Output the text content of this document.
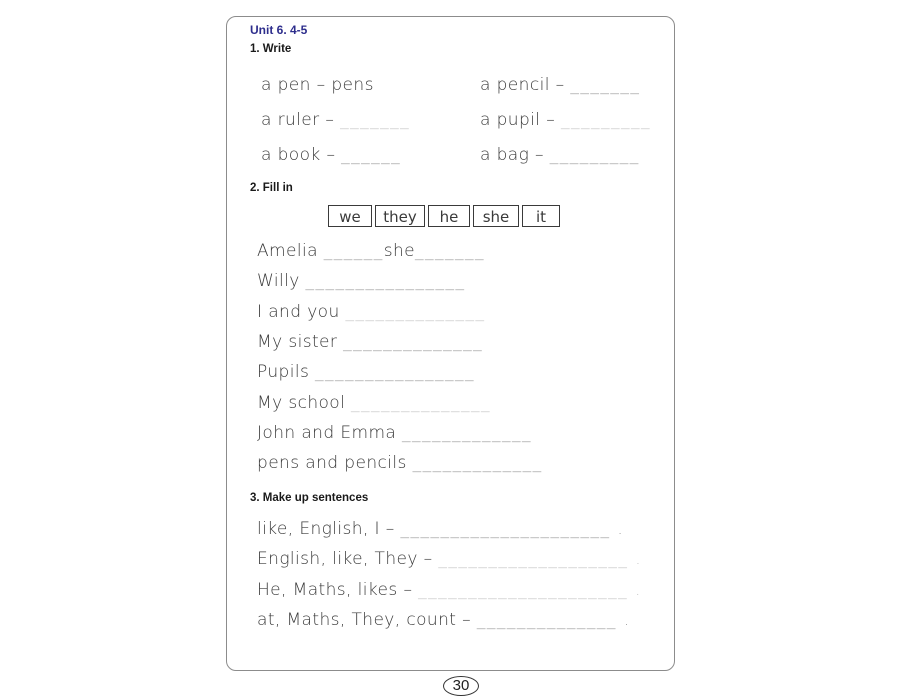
Unit 6. 4-5
1. Write
a pen – pens	a pencil – _______
a ruler – _______	a pupil – _________
a book – ______	a bag – _________
2. Fill in
we	they	he	she	it
Amelia ______she_______
Willy ________________
I and you ______________
My sister ______________
Pupils ________________
My school ______________
John and Emma _____________
pens and pencils _____________
3. Make up sentences
like, English, I – _____________________ .
English, like, They – ___________________ .
He, Maths, likes – _____________________ .
at, Maths, They, count – ______________ .
30
